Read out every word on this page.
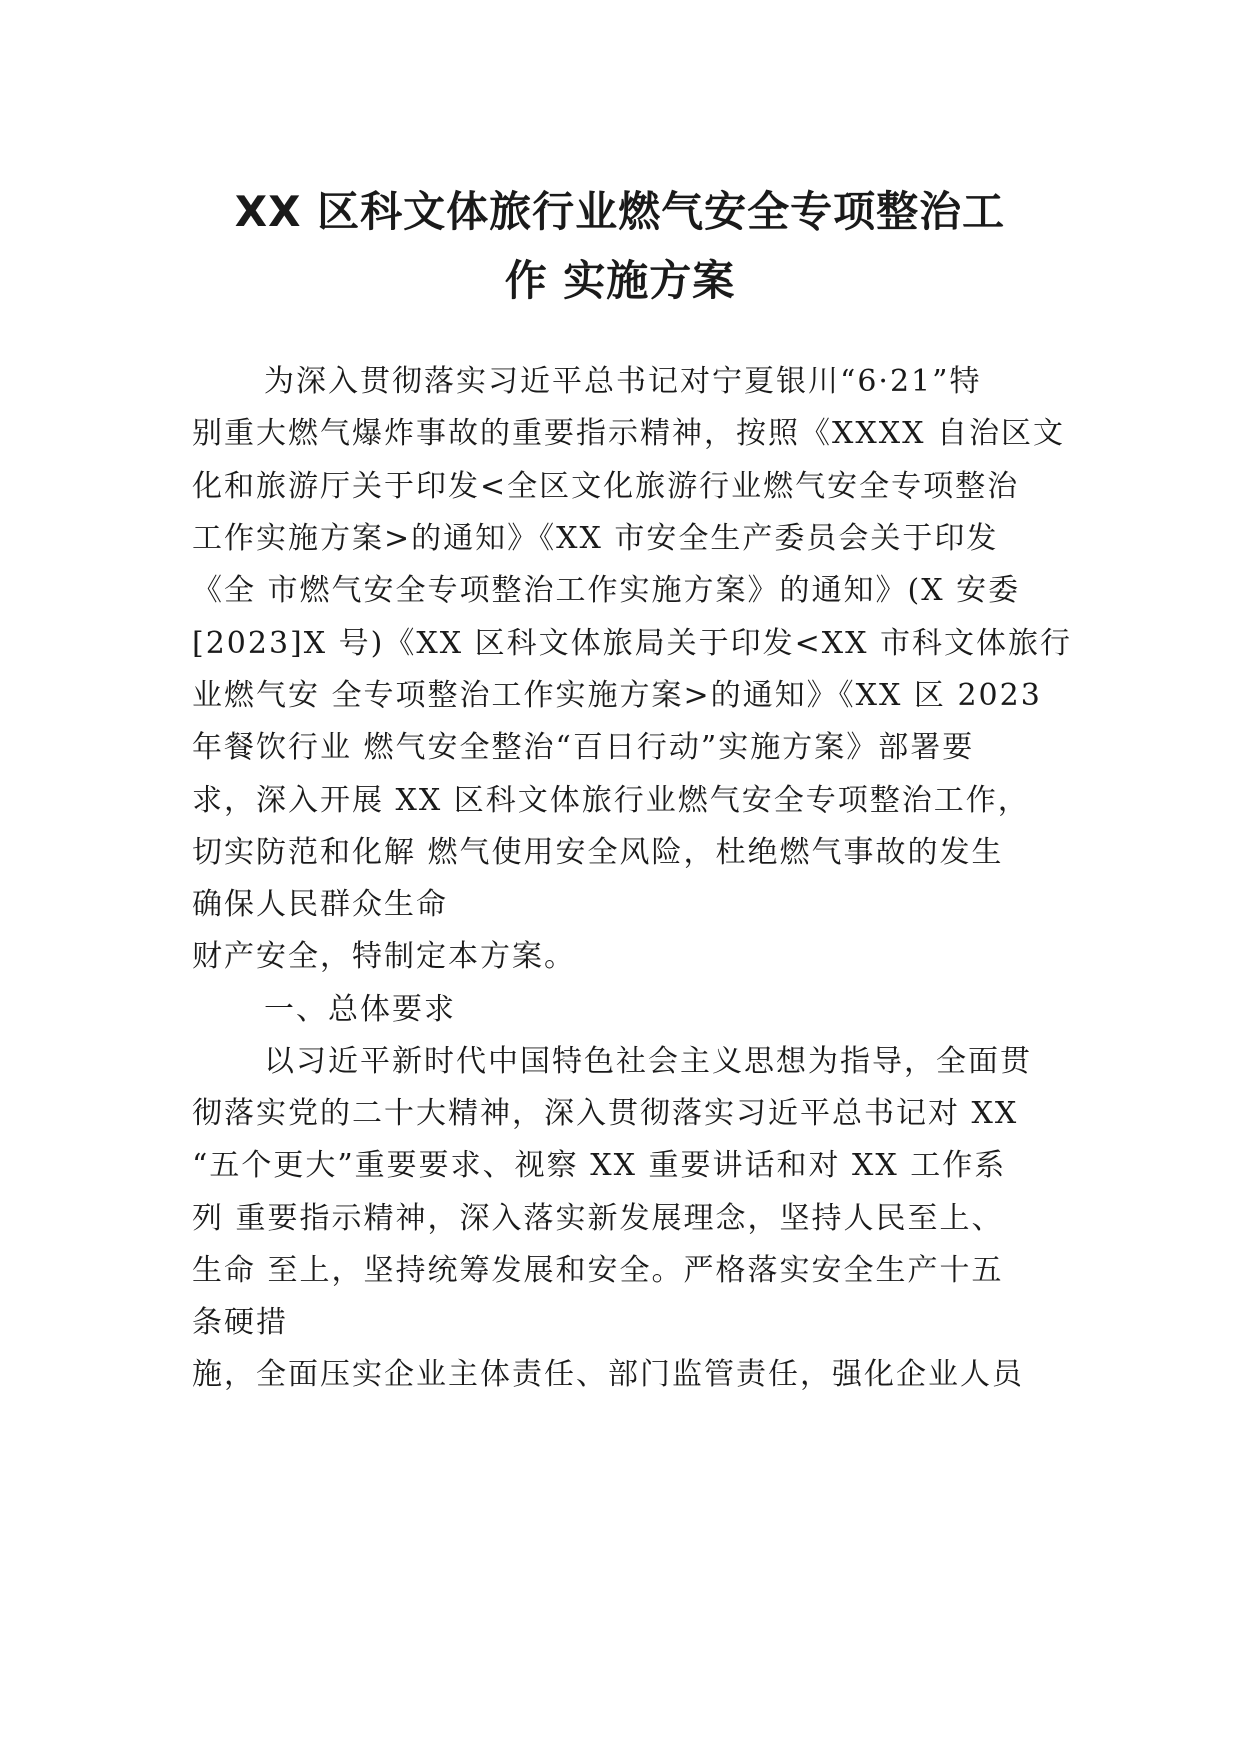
XX 区科文体旅行业燃气安全专项整治工
作 实施方案

为深入贯彻落实习近平总书记对宁夏银川“6·21”特

别重大燃气爆炸事故的重要指示精神，按照《XXXX 自治区文

化和旅游厅关于印发<全区文化旅游行业燃气安全专项整治

工作实施方案>的通知》《XX 市安全生产委员会关于印发

《全 市燃气安全专项整治工作实施方案》的通知》(X 安委

[2023]X 号)《XX 区科文体旅局关于印发<XX 市科文体旅行

业燃气安 全专项整治工作实施方案>的通知》《XX 区 2023

年餐饮行业 燃气安全整治“百日行动”实施方案》部署要

求，深入开展 XX 区科文体旅行业燃气安全专项整治工作，

切实防范和化解 燃气使用安全风险，杜绝燃气事故的发生

确保人民群众生命

财产安全，特制定本方案。

一、总体要求

以习近平新时代中国特色社会主义思想为指导，全面贯

彻落实党的二十大精神，深入贯彻落实习近平总书记对 XX

“五个更大”重要要求、视察 XX 重要讲话和对 XX 工作系

列 重要指示精神，深入落实新发展理念，坚持人民至上、

生命 至上，坚持统筹发展和安全。严格落实安全生产十五

条硬措

施，全面压实企业主体责任、部门监管责任，强化企业人员
